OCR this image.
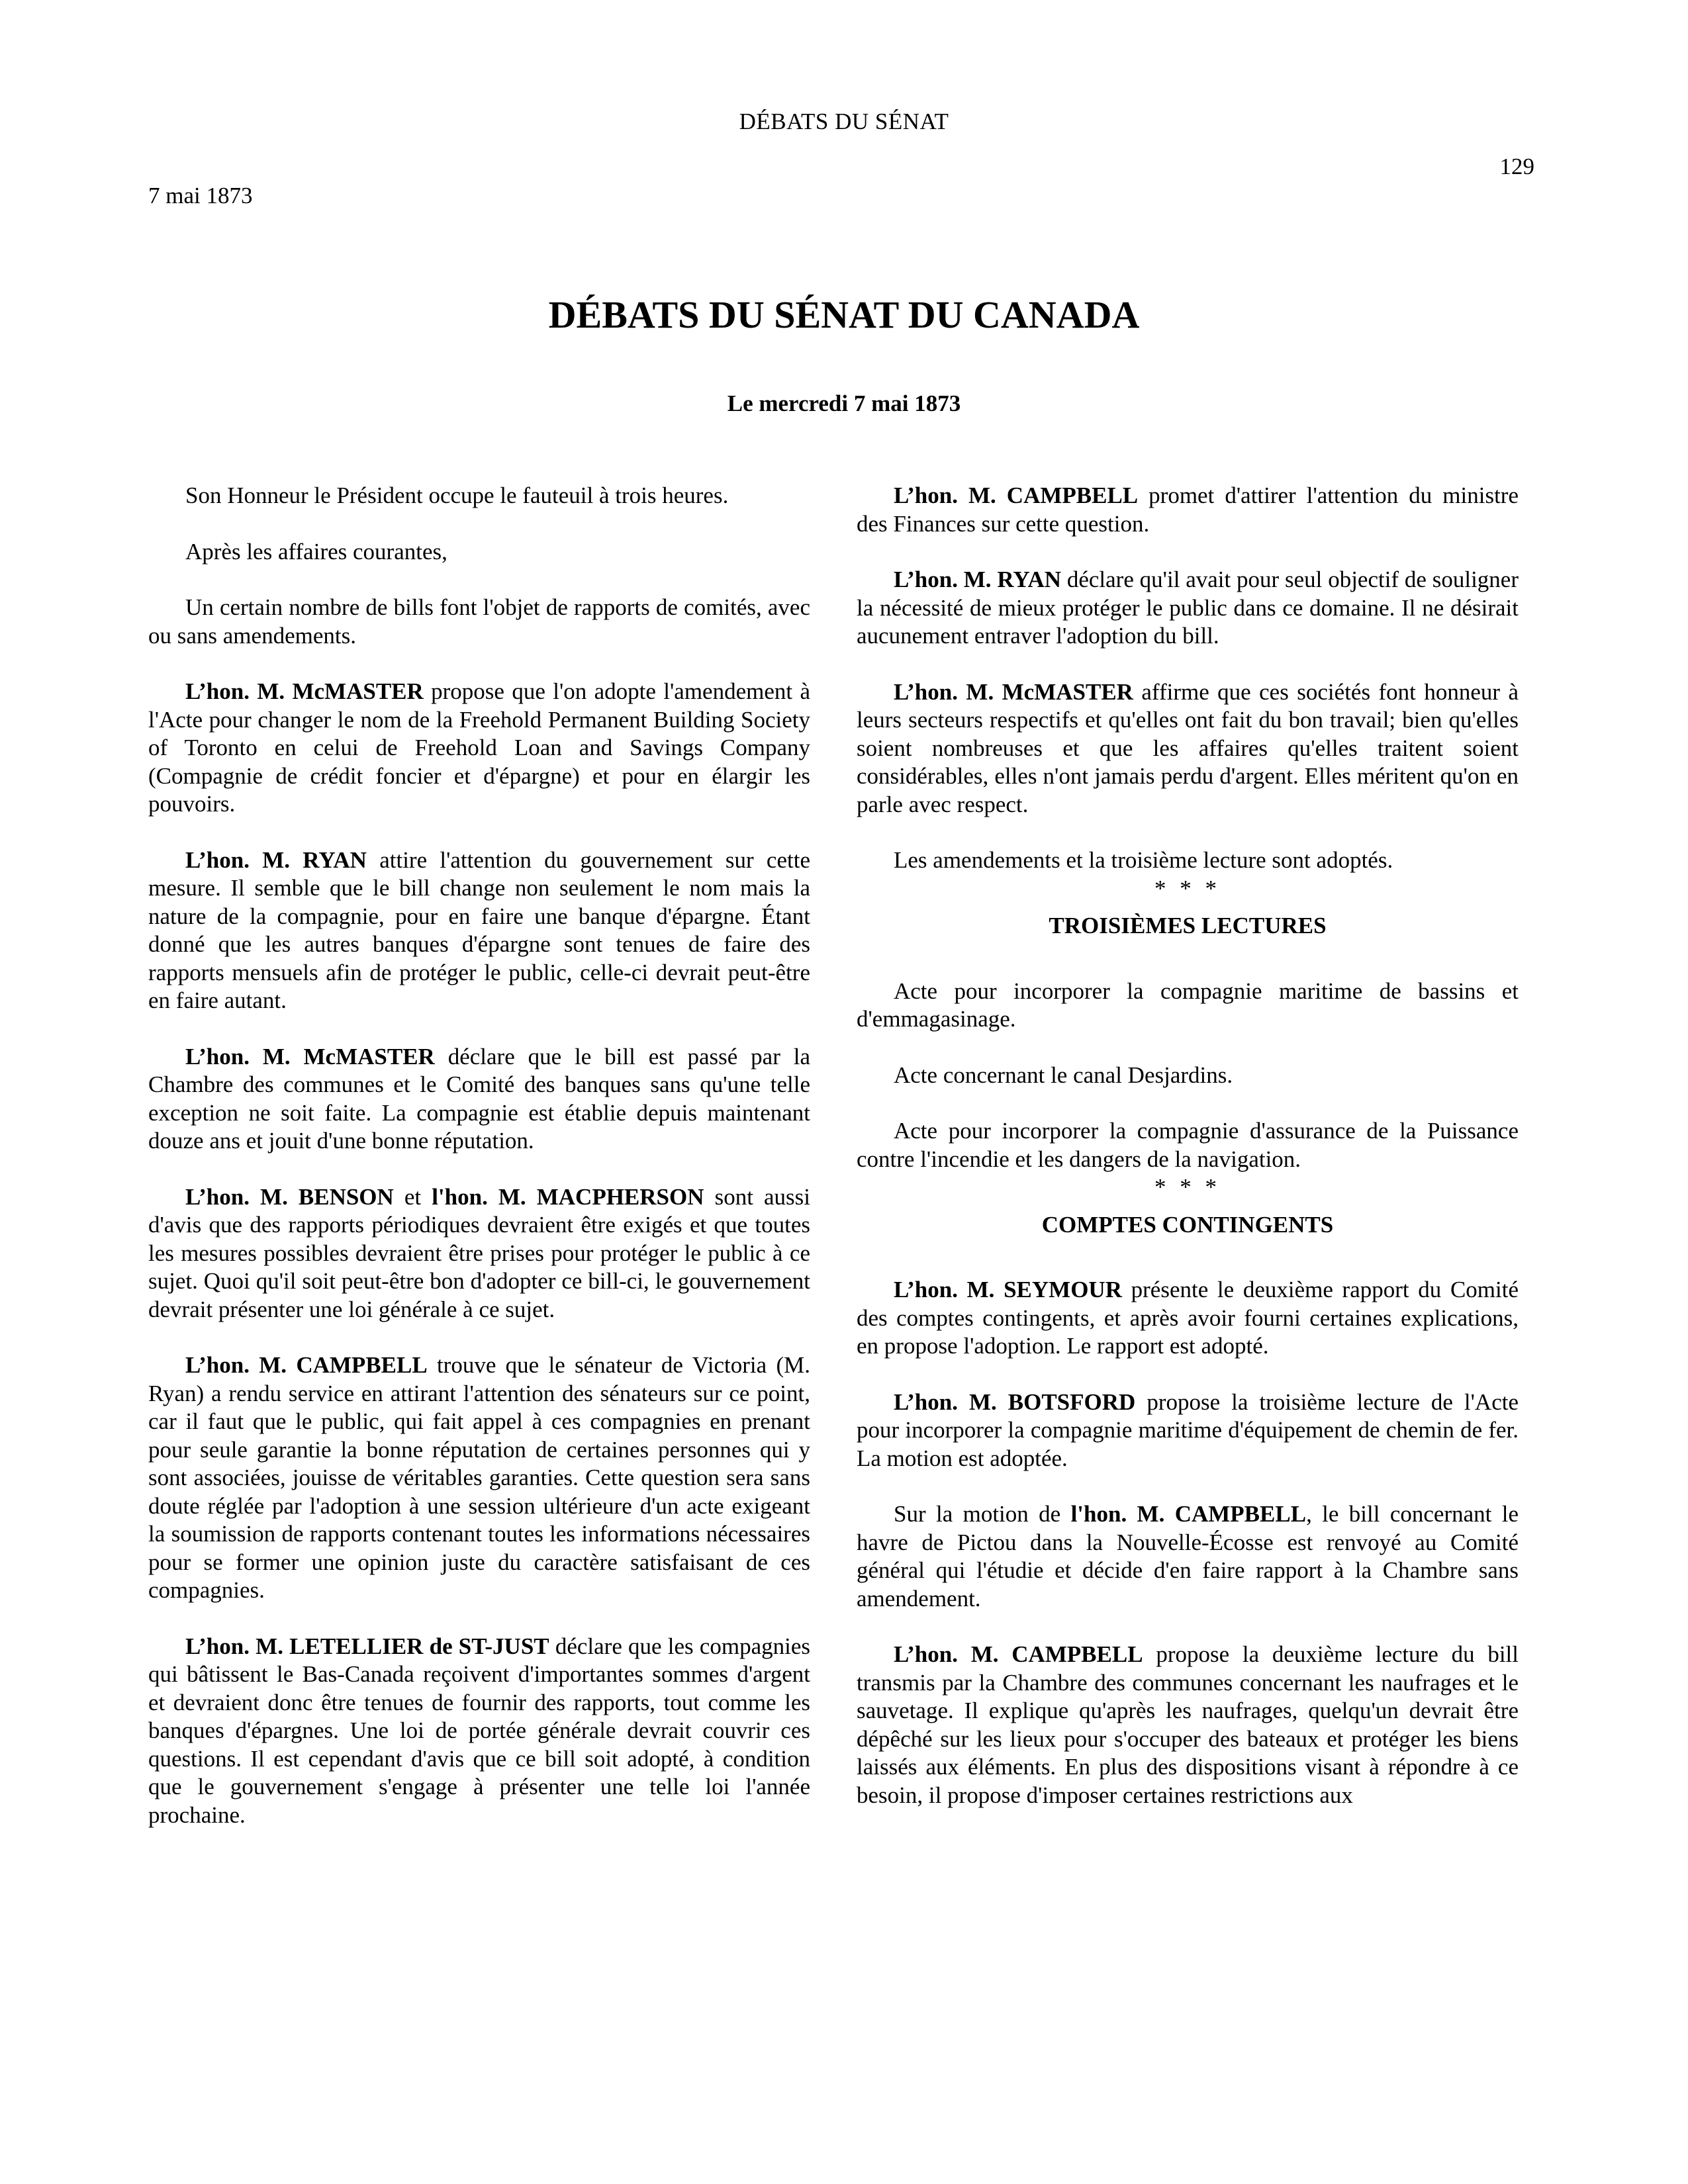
DÉBATS DU SÉNAT
129
7 mai 1873
DÉBATS DU SÉNAT DU CANADA
Le mercredi 7 mai 1873

Son Honneur le Président occupe le fauteuil à trois heures.

Après les affaires courantes,

Un certain nombre de bills font l'objet de rapports de comités, avec ou sans amendements.

L’hon. M. McMASTER propose que l'on adopte l'amendement à l'Acte pour changer le nom de la Freehold Permanent Building Society of Toronto en celui de Freehold Loan and Savings Company (Compagnie de crédit foncier et d'épargne) et pour en élargir les pouvoirs.

L’hon. M. RYAN attire l'attention du gouvernement sur cette mesure. Il semble que le bill change non seulement le nom mais la nature de la compagnie, pour en faire une banque d'épargne. Étant donné que les autres banques d'épargne sont tenues de faire des rapports mensuels afin de protéger le public, celle-ci devrait peut-être en faire autant.

L’hon. M. McMASTER déclare que le bill est passé par la Chambre des communes et le Comité des banques sans qu'une telle exception ne soit faite. La compagnie est établie depuis maintenant douze ans et jouit d'une bonne réputation.

L’hon. M. BENSON et l'hon. M. MACPHERSON sont aussi d'avis que des rapports périodiques devraient être exigés et que toutes les mesures possibles devraient être prises pour protéger le public à ce sujet. Quoi qu'il soit peut-être bon d'adopter ce bill-ci, le gouvernement devrait présenter une loi générale à ce sujet.

L’hon. M. CAMPBELL trouve que le sénateur de Victoria (M. Ryan) a rendu service en attirant l'attention des sénateurs sur ce point, car il faut que le public, qui fait appel à ces compagnies en prenant pour seule garantie la bonne réputation de certaines personnes qui y sont associées, jouisse de véritables garanties. Cette question sera sans doute réglée par l'adoption à une session ultérieure d'un acte exigeant la soumission de rapports contenant toutes les informations nécessaires pour se former une opinion juste du caractère satisfaisant de ces compagnies.

L’hon. M. LETELLIER de ST-JUST déclare que les compagnies qui bâtissent le Bas-Canada reçoivent d'importantes sommes d'argent et devraient donc être tenues de fournir des rapports, tout comme les banques d'épargnes. Une loi de portée générale devrait couvrir ces questions. Il est cependant d'avis que ce bill soit adopté, à condition que le gouvernement s'engage à présenter une telle loi l'année prochaine.

L’hon. M. CAMPBELL promet d'attirer l'attention du ministre des Finances sur cette question.

L’hon. M. RYAN déclare qu'il avait pour seul objectif de souligner la nécessité de mieux protéger le public dans ce domaine. Il ne désirait aucunement entraver l'adoption du bill.

L’hon. M. McMASTER affirme que ces sociétés font honneur à leurs secteurs respectifs et qu'elles ont fait du bon travail; bien qu'elles soient nombreuses et que les affaires qu'elles traitent soient considérables, elles n'ont jamais perdu d'argent. Elles méritent qu'on en parle avec respect.

Les amendements et la troisième lecture sont adoptés.

* * *
TROISIÈMES LECTURES

Acte pour incorporer la compagnie maritime de bassins et d'emmagasinage.

Acte concernant le canal Desjardins.

Acte pour incorporer la compagnie d'assurance de la Puissance contre l'incendie et les dangers de la navigation.

* * *
COMPTES CONTINGENTS

L’hon. M. SEYMOUR présente le deuxième rapport du Comité des comptes contingents, et après avoir fourni certaines explications, en propose l'adoption. Le rapport est adopté.

L’hon. M. BOTSFORD propose la troisième lecture de l'Acte pour incorporer la compagnie maritime d'équipement de chemin de fer. La motion est adoptée.

Sur la motion de l'hon. M. CAMPBELL, le bill concernant le havre de Pictou dans la Nouvelle-Écosse est renvoyé au Comité général qui l'étudie et décide d'en faire rapport à la Chambre sans amendement.

L’hon. M. CAMPBELL propose la deuxième lecture du bill transmis par la Chambre des communes concernant les naufrages et le sauvetage. Il explique qu'après les naufrages, quelqu'un devrait être dépêché sur les lieux pour s'occuper des bateaux et protéger les biens laissés aux éléments. En plus des dispositions visant à répondre à ce besoin, il propose d'imposer certaines restrictions aux
